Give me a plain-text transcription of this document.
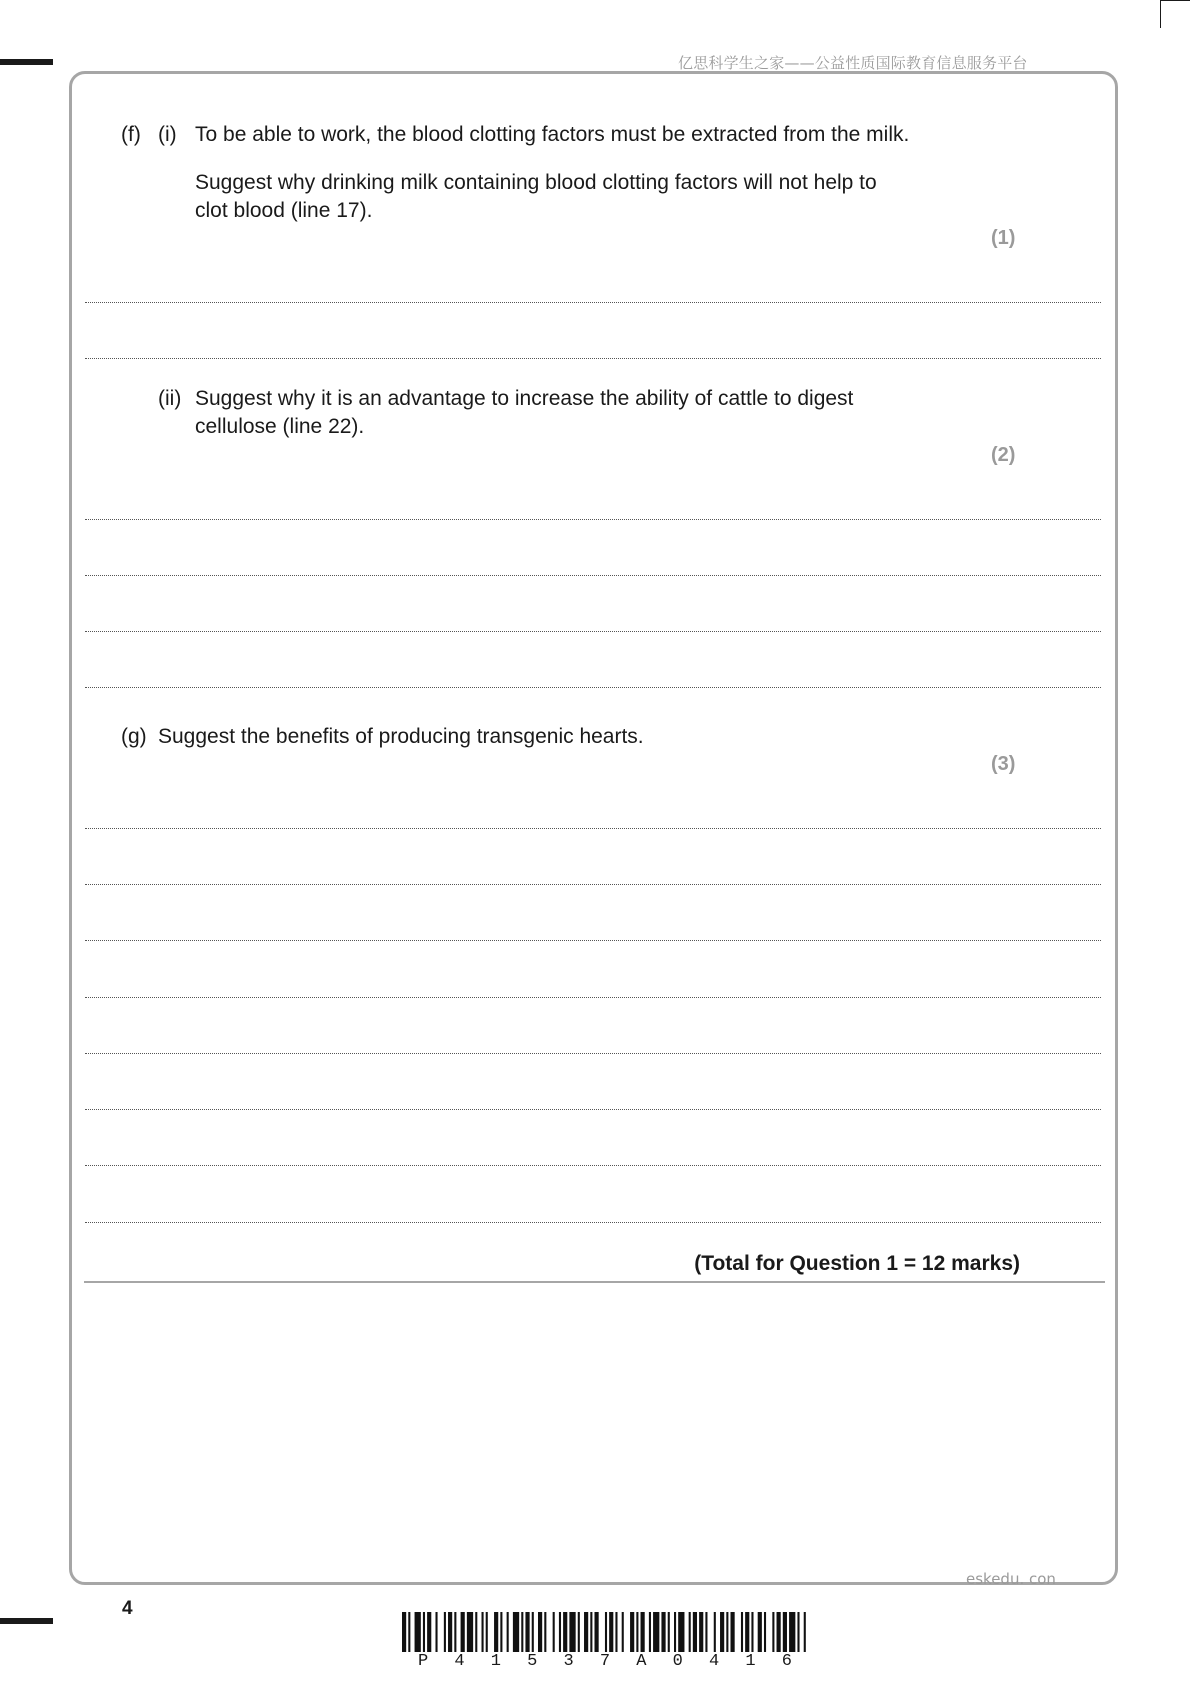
亿思科学生之家——公益性质国际教育信息服务平台
(f) (i) To be able to work, the blood clotting factors must be extracted from the milk.
Suggest why drinking milk containing blood clotting factors will not help to
clot blood (line 17).
(1)
(ii) Suggest why it is an advantage to increase the ability of cattle to digest
cellulose (line 22).
(2)
(g) Suggest the benefits of producing transgenic hearts.
(3)
(Total for Question 1 = 12 marks)
eskedu. con
4
P 4 1 5 3 7 A 0 4 1 6
